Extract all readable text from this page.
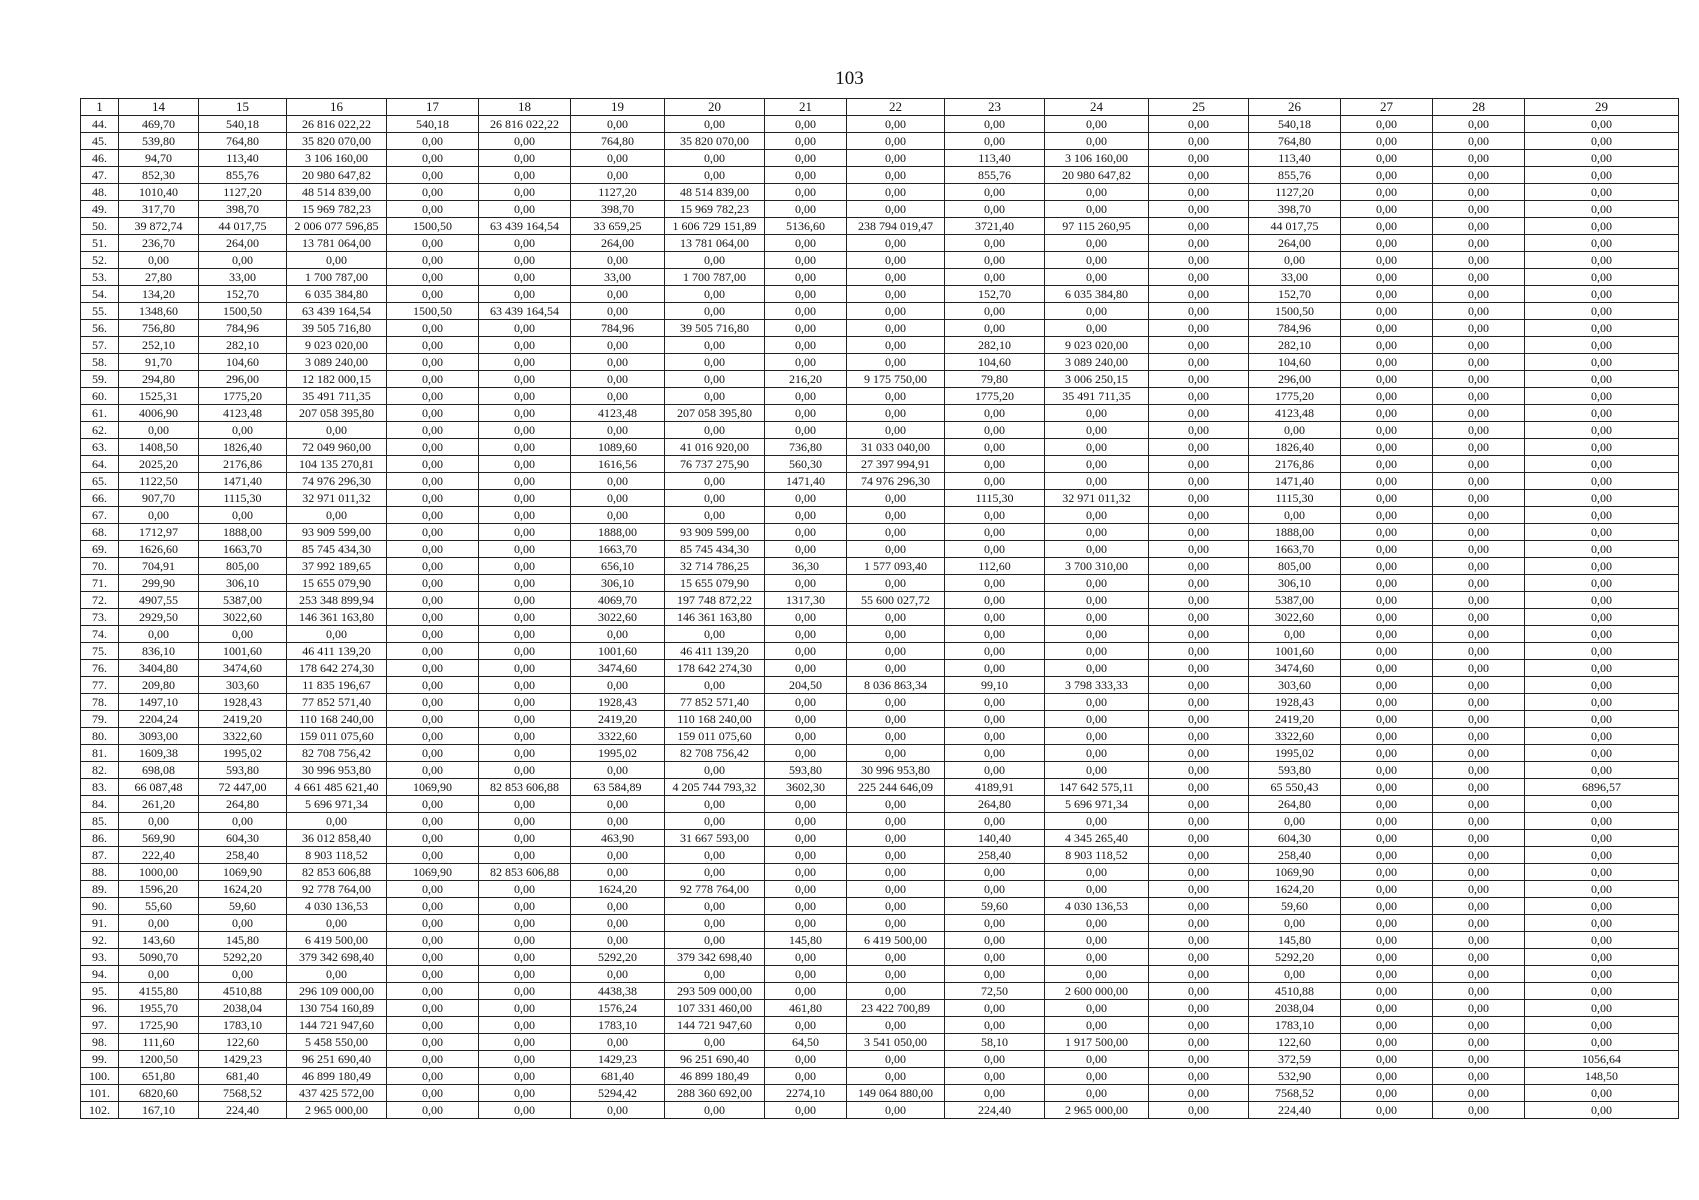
103
1	14	15	16	17	18	19	20	21	22	23	24	25	26	27	28	29
44.	469,70	540,18	26 816 022,22	540,18	26 816 022,22	0,00	0,00	0,00	0,00	0,00	0,00	0,00	540,18	0,00	0,00	0,00
45.	539,80	764,80	35 820 070,00	0,00	0,00	764,80	35 820 070,00	0,00	0,00	0,00	0,00	0,00	764,80	0,00	0,00	0,00
46.	94,70	113,40	3 106 160,00	0,00	0,00	0,00	0,00	0,00	0,00	113,40	3 106 160,00	0,00	113,40	0,00	0,00	0,00
47.	852,30	855,76	20 980 647,82	0,00	0,00	0,00	0,00	0,00	0,00	855,76	20 980 647,82	0,00	855,76	0,00	0,00	0,00
48.	1010,40	1127,20	48 514 839,00	0,00	0,00	1127,20	48 514 839,00	0,00	0,00	0,00	0,00	0,00	1127,20	0,00	0,00	0,00
49.	317,70	398,70	15 969 782,23	0,00	0,00	398,70	15 969 782,23	0,00	0,00	0,00	0,00	0,00	398,70	0,00	0,00	0,00
50.	39 872,74	44 017,75	2 006 077 596,85	1500,50	63 439 164,54	33 659,25	1 606 729 151,89	5136,60	238 794 019,47	3721,40	97 115 260,95	0,00	44 017,75	0,00	0,00	0,00
51.	236,70	264,00	13 781 064,00	0,00	0,00	264,00	13 781 064,00	0,00	0,00	0,00	0,00	0,00	264,00	0,00	0,00	0,00
52.	0,00	0,00	0,00	0,00	0,00	0,00	0,00	0,00	0,00	0,00	0,00	0,00	0,00	0,00	0,00	0,00
53.	27,80	33,00	1 700 787,00	0,00	0,00	33,00	1 700 787,00	0,00	0,00	0,00	0,00	0,00	33,00	0,00	0,00	0,00
54.	134,20	152,70	6 035 384,80	0,00	0,00	0,00	0,00	0,00	0,00	152,70	6 035 384,80	0,00	152,70	0,00	0,00	0,00
55.	1348,60	1500,50	63 439 164,54	1500,50	63 439 164,54	0,00	0,00	0,00	0,00	0,00	0,00	0,00	1500,50	0,00	0,00	0,00
56.	756,80	784,96	39 505 716,80	0,00	0,00	784,96	39 505 716,80	0,00	0,00	0,00	0,00	0,00	784,96	0,00	0,00	0,00
57.	252,10	282,10	9 023 020,00	0,00	0,00	0,00	0,00	0,00	0,00	282,10	9 023 020,00	0,00	282,10	0,00	0,00	0,00
58.	91,70	104,60	3 089 240,00	0,00	0,00	0,00	0,00	0,00	0,00	104,60	3 089 240,00	0,00	104,60	0,00	0,00	0,00
59.	294,80	296,00	12 182 000,15	0,00	0,00	0,00	0,00	216,20	9 175 750,00	79,80	3 006 250,15	0,00	296,00	0,00	0,00	0,00
60.	1525,31	1775,20	35 491 711,35	0,00	0,00	0,00	0,00	0,00	0,00	1775,20	35 491 711,35	0,00	1775,20	0,00	0,00	0,00
61.	4006,90	4123,48	207 058 395,80	0,00	0,00	4123,48	207 058 395,80	0,00	0,00	0,00	0,00	0,00	4123,48	0,00	0,00	0,00
62.	0,00	0,00	0,00	0,00	0,00	0,00	0,00	0,00	0,00	0,00	0,00	0,00	0,00	0,00	0,00	0,00
63.	1408,50	1826,40	72 049 960,00	0,00	0,00	1089,60	41 016 920,00	736,80	31 033 040,00	0,00	0,00	0,00	1826,40	0,00	0,00	0,00
64.	2025,20	2176,86	104 135 270,81	0,00	0,00	1616,56	76 737 275,90	560,30	27 397 994,91	0,00	0,00	0,00	2176,86	0,00	0,00	0,00
65.	1122,50	1471,40	74 976 296,30	0,00	0,00	0,00	0,00	1471,40	74 976 296,30	0,00	0,00	0,00	1471,40	0,00	0,00	0,00
66.	907,70	1115,30	32 971 011,32	0,00	0,00	0,00	0,00	0,00	0,00	1115,30	32 971 011,32	0,00	1115,30	0,00	0,00	0,00
67.	0,00	0,00	0,00	0,00	0,00	0,00	0,00	0,00	0,00	0,00	0,00	0,00	0,00	0,00	0,00	0,00
68.	1712,97	1888,00	93 909 599,00	0,00	0,00	1888,00	93 909 599,00	0,00	0,00	0,00	0,00	0,00	1888,00	0,00	0,00	0,00
69.	1626,60	1663,70	85 745 434,30	0,00	0,00	1663,70	85 745 434,30	0,00	0,00	0,00	0,00	0,00	1663,70	0,00	0,00	0,00
70.	704,91	805,00	37 992 189,65	0,00	0,00	656,10	32 714 786,25	36,30	1 577 093,40	112,60	3 700 310,00	0,00	805,00	0,00	0,00	0,00
71.	299,90	306,10	15 655 079,90	0,00	0,00	306,10	15 655 079,90	0,00	0,00	0,00	0,00	0,00	306,10	0,00	0,00	0,00
72.	4907,55	5387,00	253 348 899,94	0,00	0,00	4069,70	197 748 872,22	1317,30	55 600 027,72	0,00	0,00	0,00	5387,00	0,00	0,00	0,00
73.	2929,50	3022,60	146 361 163,80	0,00	0,00	3022,60	146 361 163,80	0,00	0,00	0,00	0,00	0,00	3022,60	0,00	0,00	0,00
74.	0,00	0,00	0,00	0,00	0,00	0,00	0,00	0,00	0,00	0,00	0,00	0,00	0,00	0,00	0,00	0,00
75.	836,10	1001,60	46 411 139,20	0,00	0,00	1001,60	46 411 139,20	0,00	0,00	0,00	0,00	0,00	1001,60	0,00	0,00	0,00
76.	3404,80	3474,60	178 642 274,30	0,00	0,00	3474,60	178 642 274,30	0,00	0,00	0,00	0,00	0,00	3474,60	0,00	0,00	0,00
77.	209,80	303,60	11 835 196,67	0,00	0,00	0,00	0,00	204,50	8 036 863,34	99,10	3 798 333,33	0,00	303,60	0,00	0,00	0,00
78.	1497,10	1928,43	77 852 571,40	0,00	0,00	1928,43	77 852 571,40	0,00	0,00	0,00	0,00	0,00	1928,43	0,00	0,00	0,00
79.	2204,24	2419,20	110 168 240,00	0,00	0,00	2419,20	110 168 240,00	0,00	0,00	0,00	0,00	0,00	2419,20	0,00	0,00	0,00
80.	3093,00	3322,60	159 011 075,60	0,00	0,00	3322,60	159 011 075,60	0,00	0,00	0,00	0,00	0,00	3322,60	0,00	0,00	0,00
81.	1609,38	1995,02	82 708 756,42	0,00	0,00	1995,02	82 708 756,42	0,00	0,00	0,00	0,00	0,00	1995,02	0,00	0,00	0,00
82.	698,08	593,80	30 996 953,80	0,00	0,00	0,00	0,00	593,80	30 996 953,80	0,00	0,00	0,00	593,80	0,00	0,00	0,00
83.	66 087,48	72 447,00	4 661 485 621,40	1069,90	82 853 606,88	63 584,89	4 205 744 793,32	3602,30	225 244 646,09	4189,91	147 642 575,11	0,00	65 550,43	0,00	0,00	6896,57
84.	261,20	264,80	5 696 971,34	0,00	0,00	0,00	0,00	0,00	0,00	264,80	5 696 971,34	0,00	264,80	0,00	0,00	0,00
85.	0,00	0,00	0,00	0,00	0,00	0,00	0,00	0,00	0,00	0,00	0,00	0,00	0,00	0,00	0,00	0,00
86.	569,90	604,30	36 012 858,40	0,00	0,00	463,90	31 667 593,00	0,00	0,00	140,40	4 345 265,40	0,00	604,30	0,00	0,00	0,00
87.	222,40	258,40	8 903 118,52	0,00	0,00	0,00	0,00	0,00	0,00	258,40	8 903 118,52	0,00	258,40	0,00	0,00	0,00
88.	1000,00	1069,90	82 853 606,88	1069,90	82 853 606,88	0,00	0,00	0,00	0,00	0,00	0,00	0,00	1069,90	0,00	0,00	0,00
89.	1596,20	1624,20	92 778 764,00	0,00	0,00	1624,20	92 778 764,00	0,00	0,00	0,00	0,00	0,00	1624,20	0,00	0,00	0,00
90.	55,60	59,60	4 030 136,53	0,00	0,00	0,00	0,00	0,00	0,00	59,60	4 030 136,53	0,00	59,60	0,00	0,00	0,00
91.	0,00	0,00	0,00	0,00	0,00	0,00	0,00	0,00	0,00	0,00	0,00	0,00	0,00	0,00	0,00	0,00
92.	143,60	145,80	6 419 500,00	0,00	0,00	0,00	0,00	145,80	6 419 500,00	0,00	0,00	0,00	145,80	0,00	0,00	0,00
93.	5090,70	5292,20	379 342 698,40	0,00	0,00	5292,20	379 342 698,40	0,00	0,00	0,00	0,00	0,00	5292,20	0,00	0,00	0,00
94.	0,00	0,00	0,00	0,00	0,00	0,00	0,00	0,00	0,00	0,00	0,00	0,00	0,00	0,00	0,00	0,00
95.	4155,80	4510,88	296 109 000,00	0,00	0,00	4438,38	293 509 000,00	0,00	0,00	72,50	2 600 000,00	0,00	4510,88	0,00	0,00	0,00
96.	1955,70	2038,04	130 754 160,89	0,00	0,00	1576,24	107 331 460,00	461,80	23 422 700,89	0,00	0,00	0,00	2038,04	0,00	0,00	0,00
97.	1725,90	1783,10	144 721 947,60	0,00	0,00	1783,10	144 721 947,60	0,00	0,00	0,00	0,00	0,00	1783,10	0,00	0,00	0,00
98.	111,60	122,60	5 458 550,00	0,00	0,00	0,00	0,00	64,50	3 541 050,00	58,10	1 917 500,00	0,00	122,60	0,00	0,00	0,00
99.	1200,50	1429,23	96 251 690,40	0,00	0,00	1429,23	96 251 690,40	0,00	0,00	0,00	0,00	0,00	372,59	0,00	0,00	1056,64
100.	651,80	681,40	46 899 180,49	0,00	0,00	681,40	46 899 180,49	0,00	0,00	0,00	0,00	0,00	532,90	0,00	0,00	148,50
101.	6820,60	7568,52	437 425 572,00	0,00	0,00	5294,42	288 360 692,00	2274,10	149 064 880,00	0,00	0,00	0,00	7568,52	0,00	0,00	0,00
102.	167,10	224,40	2 965 000,00	0,00	0,00	0,00	0,00	0,00	0,00	224,40	2 965 000,00	0,00	224,40	0,00	0,00	0,00
